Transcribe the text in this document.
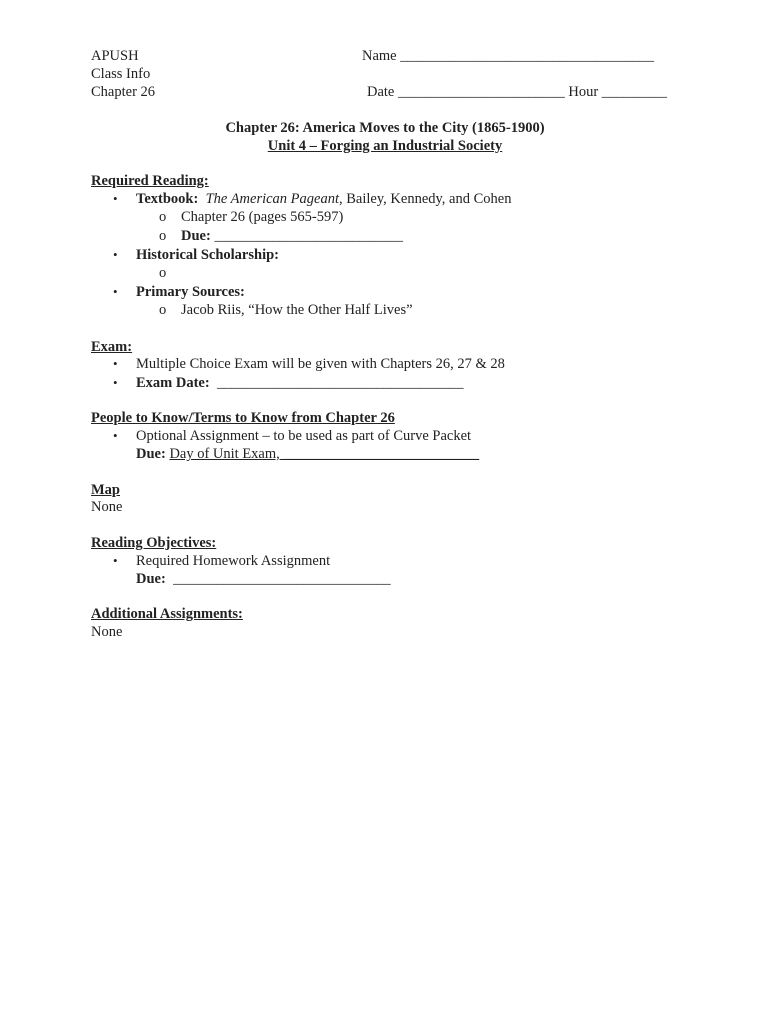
APUSH
Class Info
Chapter 26
Name ___________________________________
Date _______________________ Hour _________
Chapter 26: America Moves to the City (1865-1900)
Unit 4 – Forging an Industrial Society
Required Reading:
• Textbook: The American Pageant, Bailey, Kennedy, and Cohen
o Chapter 26 (pages 565-597)
o Due: __________________________
• Historical Scholarship:
o
• Primary Sources:
o Jacob Riis, “How the Other Half Lives”
Exam:
• Multiple Choice Exam will be given with Chapters 26, 27 & 28
• Exam Date: __________________________________
People to Know/Terms to Know from Chapter 26
• Optional Assignment – to be used as part of Curve Packet
Due: Day of Unit Exam, ___________________________
Map
None
Reading Objectives:
• Required Homework Assignment
Due: ______________________________
Additional Assignments:
None
